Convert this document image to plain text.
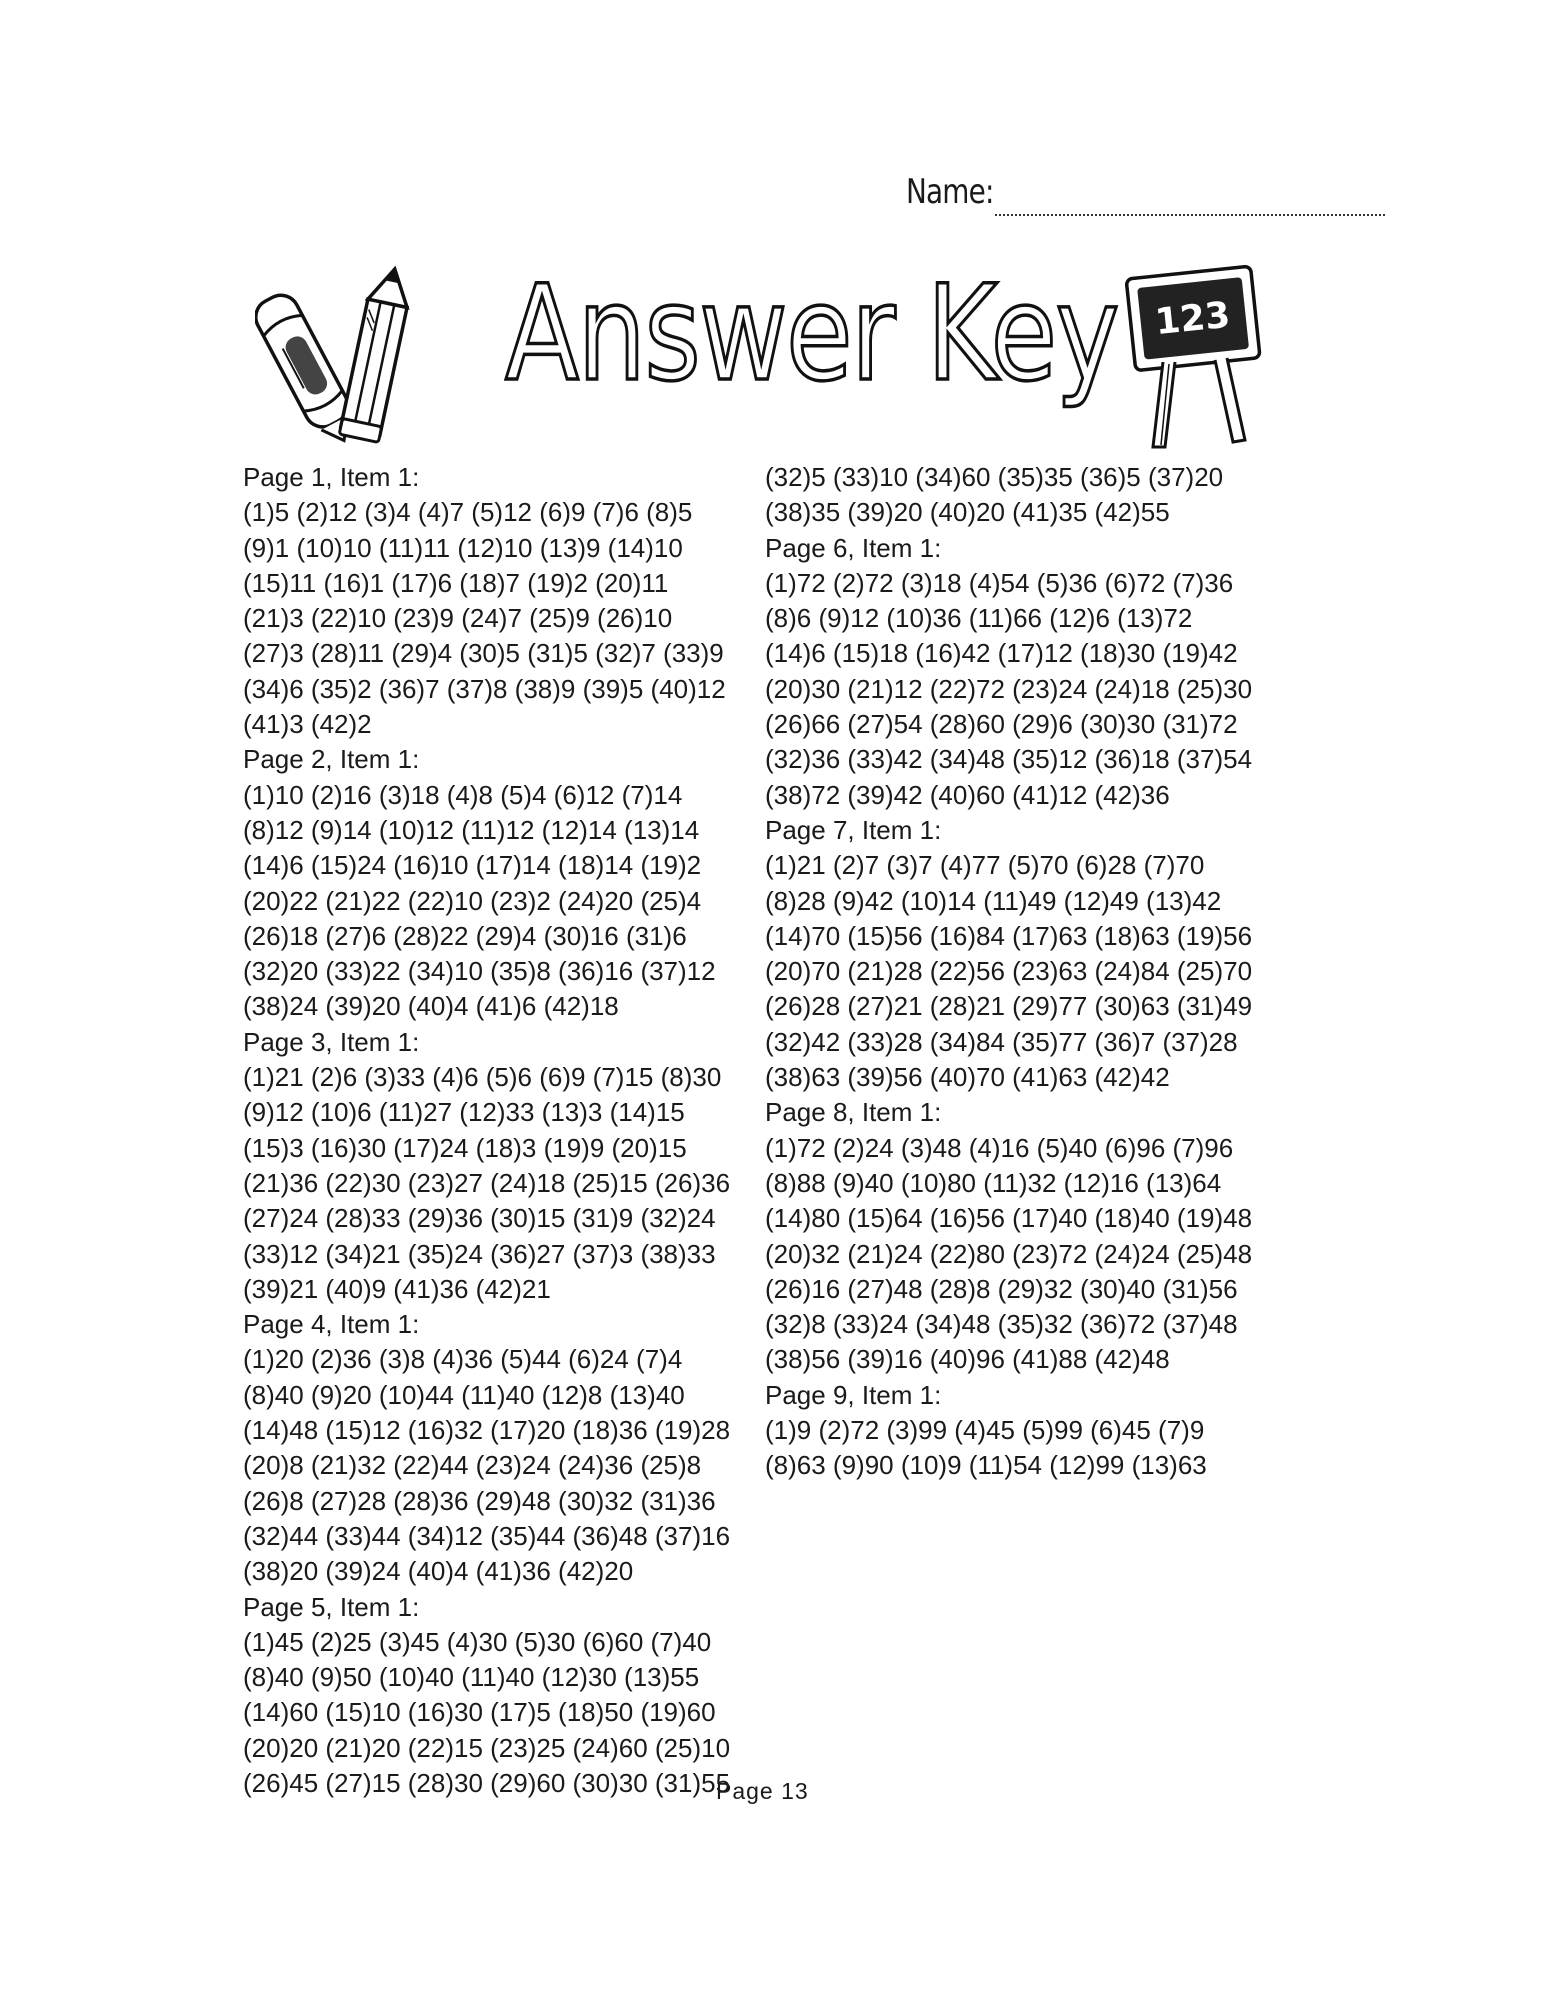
Name:
Answer Key 123
Page 1, Item 1:
(1)5 (2)12 (3)4 (4)7 (5)12 (6)9 (7)6 (8)5
(9)1 (10)10 (11)11 (12)10 (13)9 (14)10
(15)11 (16)1 (17)6 (18)7 (19)2 (20)11
(21)3 (22)10 (23)9 (24)7 (25)9 (26)10
(27)3 (28)11 (29)4 (30)5 (31)5 (32)7 (33)9
(34)6 (35)2 (36)7 (37)8 (38)9 (39)5 (40)12
(41)3 (42)2
Page 2, Item 1:
(1)10 (2)16 (3)18 (4)8 (5)4 (6)12 (7)14
(8)12 (9)14 (10)12 (11)12 (12)14 (13)14
(14)6 (15)24 (16)10 (17)14 (18)14 (19)2
(20)22 (21)22 (22)10 (23)2 (24)20 (25)4
(26)18 (27)6 (28)22 (29)4 (30)16 (31)6
(32)20 (33)22 (34)10 (35)8 (36)16 (37)12
(38)24 (39)20 (40)4 (41)6 (42)18
Page 3, Item 1:
(1)21 (2)6 (3)33 (4)6 (5)6 (6)9 (7)15 (8)30
(9)12 (10)6 (11)27 (12)33 (13)3 (14)15
(15)3 (16)30 (17)24 (18)3 (19)9 (20)15
(21)36 (22)30 (23)27 (24)18 (25)15 (26)36
(27)24 (28)33 (29)36 (30)15 (31)9 (32)24
(33)12 (34)21 (35)24 (36)27 (37)3 (38)33
(39)21 (40)9 (41)36 (42)21
Page 4, Item 1:
(1)20 (2)36 (3)8 (4)36 (5)44 (6)24 (7)4
(8)40 (9)20 (10)44 (11)40 (12)8 (13)40
(14)48 (15)12 (16)32 (17)20 (18)36 (19)28
(20)8 (21)32 (22)44 (23)24 (24)36 (25)8
(26)8 (27)28 (28)36 (29)48 (30)32 (31)36
(32)44 (33)44 (34)12 (35)44 (36)48 (37)16
(38)20 (39)24 (40)4 (41)36 (42)20
Page 5, Item 1:
(1)45 (2)25 (3)45 (4)30 (5)30 (6)60 (7)40
(8)40 (9)50 (10)40 (11)40 (12)30 (13)55
(14)60 (15)10 (16)30 (17)5 (18)50 (19)60
(20)20 (21)20 (22)15 (23)25 (24)60 (25)10
(26)45 (27)15 (28)30 (29)60 (30)30 (31)55
(32)5 (33)10 (34)60 (35)35 (36)5 (37)20
(38)35 (39)20 (40)20 (41)35 (42)55
Page 6, Item 1:
(1)72 (2)72 (3)18 (4)54 (5)36 (6)72 (7)36
(8)6 (9)12 (10)36 (11)66 (12)6 (13)72
(14)6 (15)18 (16)42 (17)12 (18)30 (19)42
(20)30 (21)12 (22)72 (23)24 (24)18 (25)30
(26)66 (27)54 (28)60 (29)6 (30)30 (31)72
(32)36 (33)42 (34)48 (35)12 (36)18 (37)54
(38)72 (39)42 (40)60 (41)12 (42)36
Page 7, Item 1:
(1)21 (2)7 (3)7 (4)77 (5)70 (6)28 (7)70
(8)28 (9)42 (10)14 (11)49 (12)49 (13)42
(14)70 (15)56 (16)84 (17)63 (18)63 (19)56
(20)70 (21)28 (22)56 (23)63 (24)84 (25)70
(26)28 (27)21 (28)21 (29)77 (30)63 (31)49
(32)42 (33)28 (34)84 (35)77 (36)7 (37)28
(38)63 (39)56 (40)70 (41)63 (42)42
Page 8, Item 1:
(1)72 (2)24 (3)48 (4)16 (5)40 (6)96 (7)96
(8)88 (9)40 (10)80 (11)32 (12)16 (13)64
(14)80 (15)64 (16)56 (17)40 (18)40 (19)48
(20)32 (21)24 (22)80 (23)72 (24)24 (25)48
(26)16 (27)48 (28)8 (29)32 (30)40 (31)56
(32)8 (33)24 (34)48 (35)32 (36)72 (37)48
(38)56 (39)16 (40)96 (41)88 (42)48
Page 9, Item 1:
(1)9 (2)72 (3)99 (4)45 (5)99 (6)45 (7)9
(8)63 (9)90 (10)9 (11)54 (12)99 (13)63
Page 13
